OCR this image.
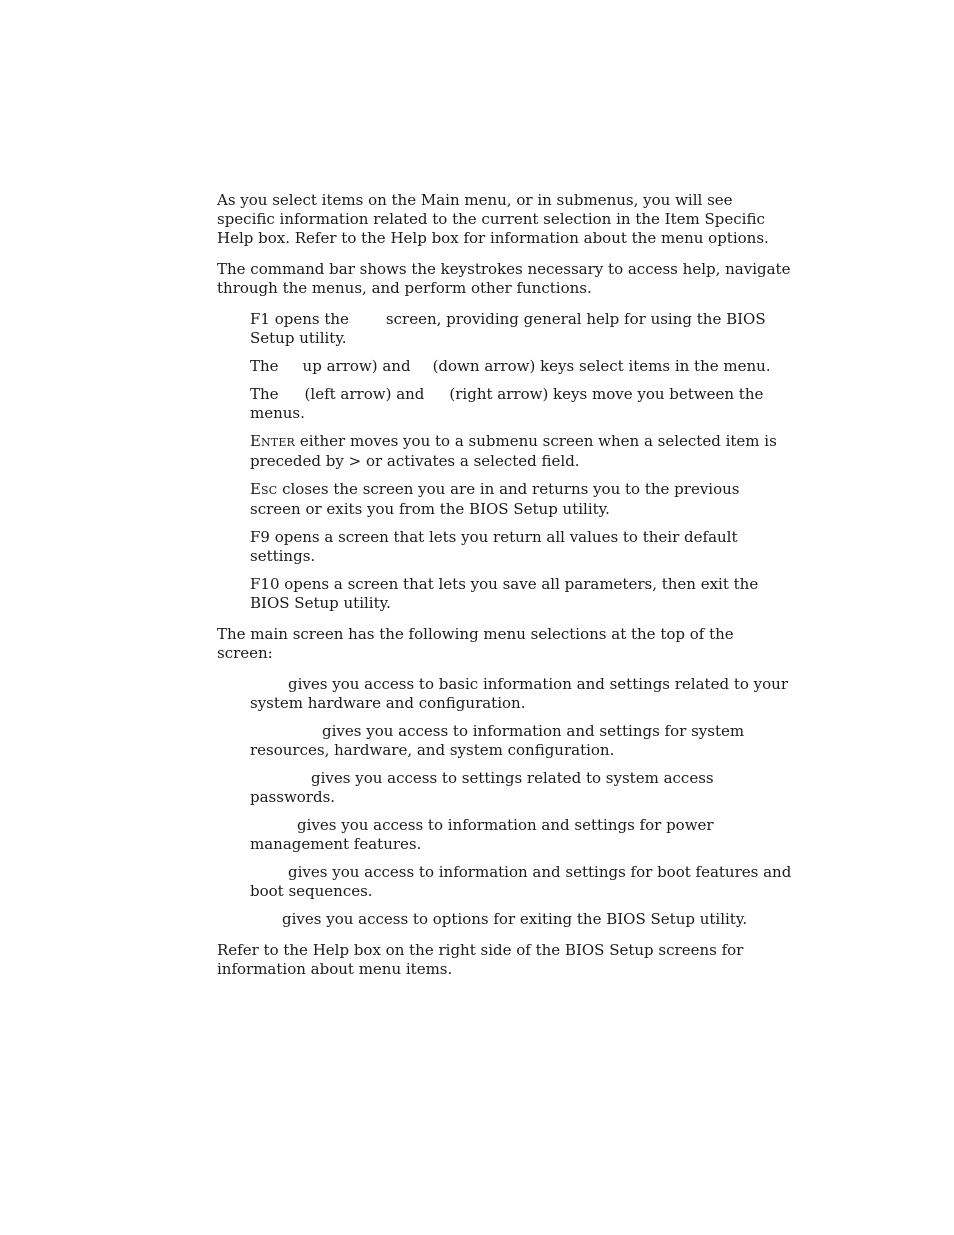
As you select items on the Main menu, or in submenus, you will see specific information related to the current selection in the Item Specific Help box. Refer to the Help box for information about the menu options.

The command bar shows the keystrokes necessary to access help, navigate through the menus, and perform other functions.

F1 opens the screen, providing general help for using the BIOS Setup utility.
The up arrow) and (down arrow) keys select items in the menu.
The (left arrow) and (right arrow) keys move you between the menus.
ENTER either moves you to a submenu screen when a selected item is preceded by > or activates a selected field.
ESC closes the screen you are in and returns you to the previous screen or exits you from the BIOS Setup utility.
F9 opens a screen that lets you return all values to their default settings.
F10 opens a screen that lets you save all parameters, then exit the BIOS Setup utility.

The main screen has the following menu selections at the top of the screen:

gives you access to basic information and settings related to your system hardware and configuration.
gives you access to information and settings for system resources, hardware, and system configuration.
gives you access to settings related to system access passwords.
gives you access to information and settings for power management features.
gives you access to information and settings for boot features and boot sequences.
gives you access to options for exiting the BIOS Setup utility.

Refer to the Help box on the right side of the BIOS Setup screens for information about menu items.
